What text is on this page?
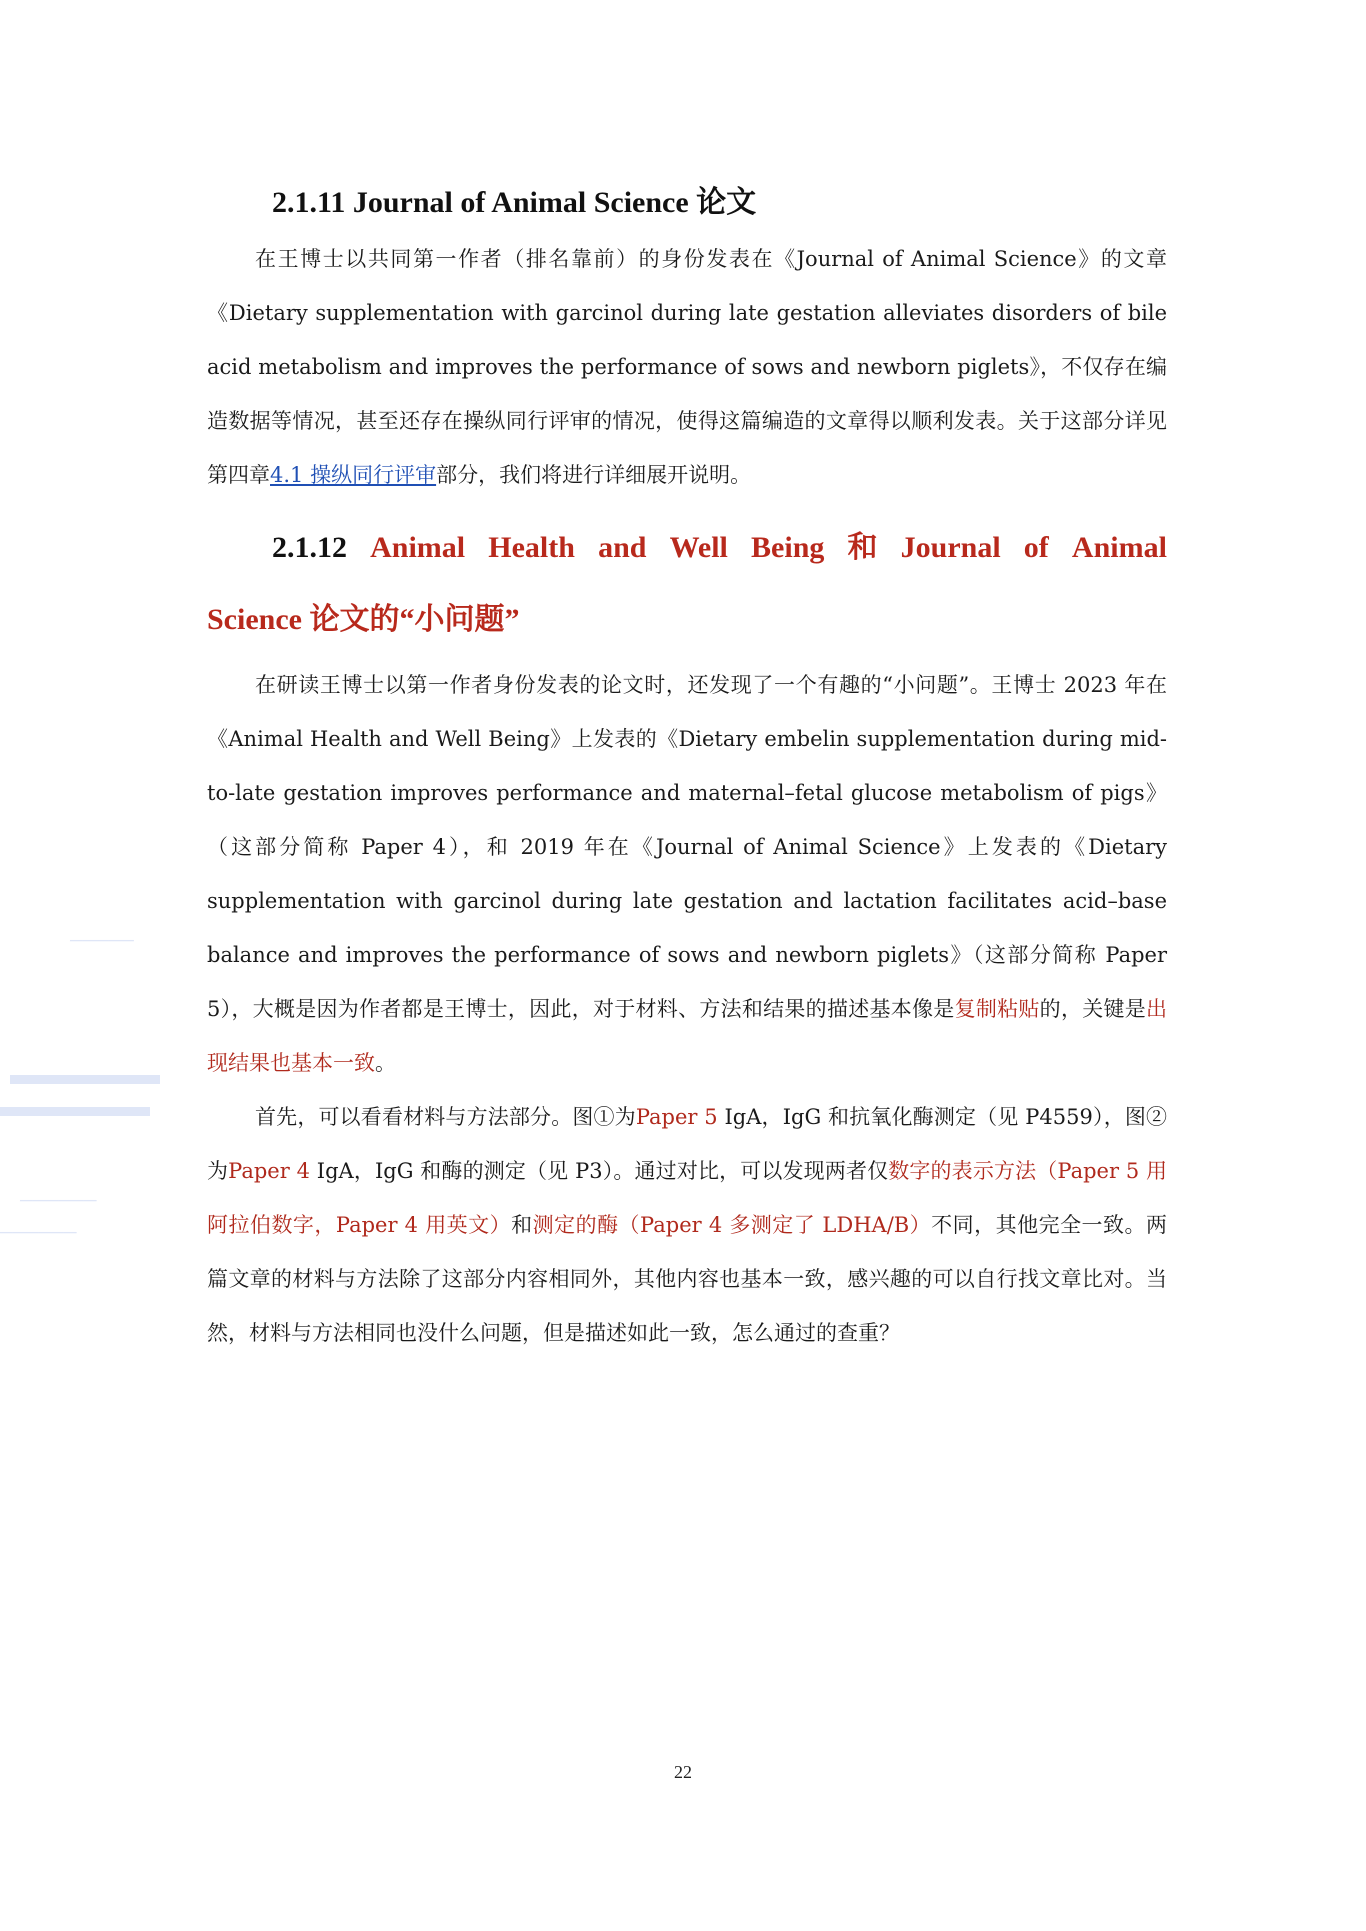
─────
▬▬▬▬▬
▬▬▬▬▬
──────
──────
2.1.11 Journal of Animal Science 论文

在王博士以共同第一作者（排名靠前）的身份发表在《Journal of Animal Science》的文章《Dietary supplementation with garcinol during late gestation alleviates disorders of bile acid metabolism and improves the performance of sows and newborn piglets》，不仅存在编造数据等情况，甚至还存在操纵同行评审的情况，使得这篇编造的文章得以顺利发表。关于这部分详见第四章4.1 操纵同行评审部分，我们将进行详细展开说明。

2.1.12 Animal Health and Well Being 和 Journal of Animal
Science 论文的“小问题”

在研读王博士以第一作者身份发表的论文时，还发现了一个有趣的“小问题”。王博士 2023 年在《Animal Health and Well Being》上发表的《Dietary embelin supplementation during mid-to-late gestation improves performance and maternal–fetal glucose metabolism of pigs》（这部分简称 Paper 4），和 2019 年在《Journal of Animal Science》上发表的《Dietary supplementation with garcinol during late gestation and lactation facilitates acid–base balance and improves the performance of sows and newborn piglets》（这部分简称 Paper 5），大概是因为作者都是王博士，因此，对于材料、方法和结果的描述基本像是复制粘贴的，关键是出现结果也基本一致。

首先，可以看看材料与方法部分。图①为Paper 5 IgA，IgG 和抗氧化酶测定（见 P4559），图②为Paper 4 IgA，IgG 和酶的测定（见 P3）。通过对比，可以发现两者仅数字的表示方法（Paper 5 用阿拉伯数字，Paper 4 用英文）和测定的酶（Paper 4 多测定了 LDHA/B）不同，其他完全一致。两篇文章的材料与方法除了这部分内容相同外，其他内容也基本一致，感兴趣的可以自行找文章比对。当然，材料与方法相同也没什么问题，但是描述如此一致，怎么通过的查重？

22
